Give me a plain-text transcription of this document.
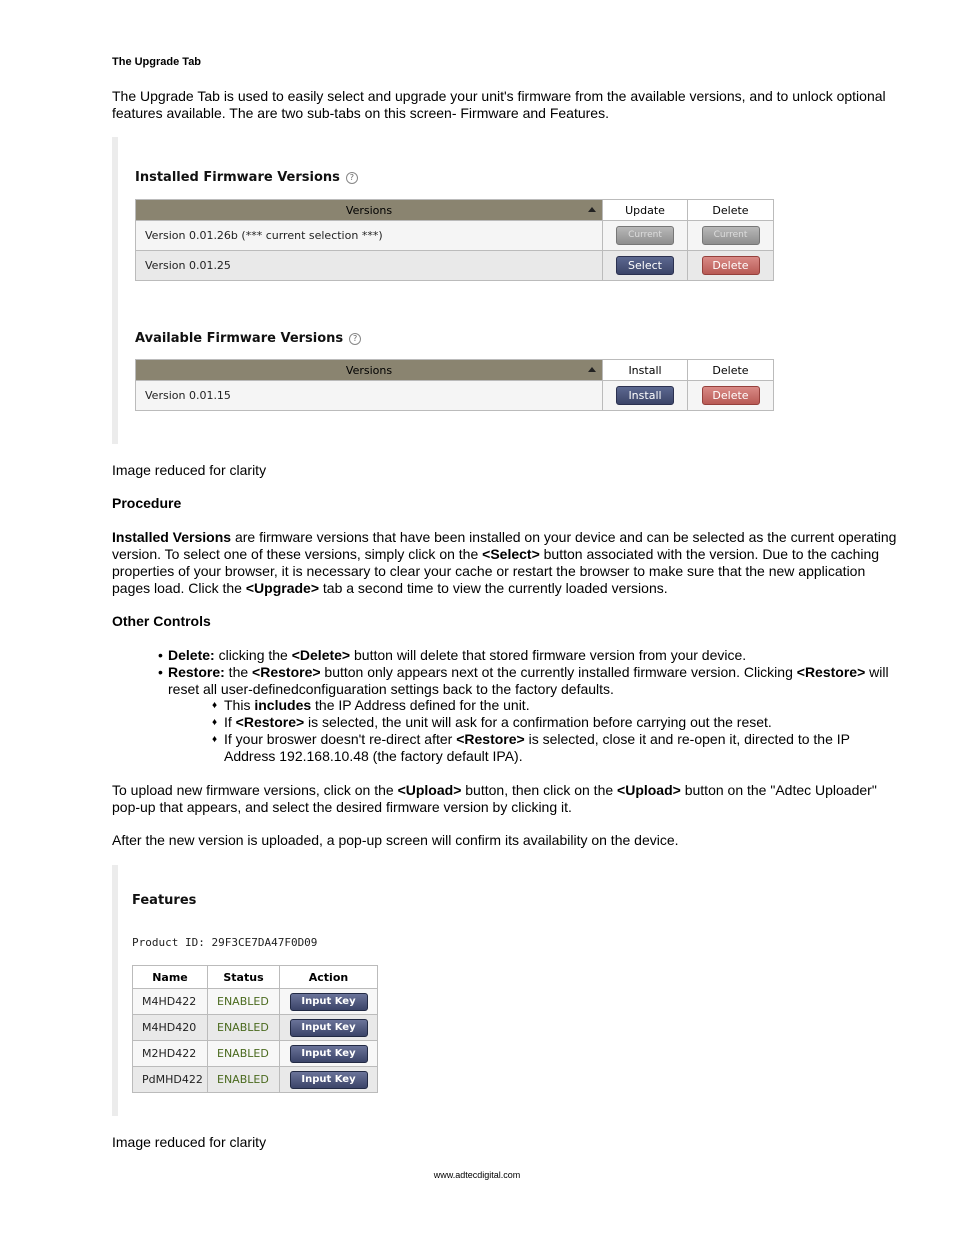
The Upgrade Tab
The Upgrade Tab is used to easily select and upgrade your unit's firmware from the available versions, and to unlock optional features available. The are two sub-tabs on this screen- Firmware and Features.
Installed Firmware Versions ?
Versions	Update	Delete
Version 0.01.26b (*** current selection ***)	Current	Current
Version 0.01.25	Select	Delete
Available Firmware Versions ?
Versions	Install	Delete
Version 0.01.15	Install	Delete
Image reduced for clarity
Procedure
Installed Versions are firmware versions that have been installed on your device and can be selected as the current operating version. To select one of these versions, simply click on the <Select> button associated with the version. Due to the caching properties of your browser, it is necessary to clear your cache or restart the browser to make sure that the new application pages load. Click the <Upgrade> tab a second time to view the currently loaded versions.
Other Controls
• Delete: clicking the <Delete> button will delete that stored firmware version from your device.
• Restore: the <Restore> button only appears next ot the currently installed firmware version. Clicking <Restore> will reset all user-definedconfiguaration settings back to the factory defaults.
♦ This includes the IP Address defined for the unit.
♦ If <Restore> is selected, the unit will ask for a confirmation before carrying out the reset.
♦ If your broswer doesn't re-direct after <Restore> is selected, close it and re-open it, directed to the IP Address 192.168.10.48 (the factory default IPA).
To upload new firmware versions, click on the <Upload> button, then click on the <Upload> button on the "Adtec Uploader" pop-up that appears, and select the desired firmware version by clicking it.
After the new version is uploaded, a pop-up screen will confirm its availability on the device.
Features
Product ID: 29F3CE7DA47F0D09
Name	Status	Action
M4HD422	ENABLED	Input Key
M4HD420	ENABLED	Input Key
M2HD422	ENABLED	Input Key
PdMHD422	ENABLED	Input Key
Image reduced for clarity
www.adtecdigital.com
